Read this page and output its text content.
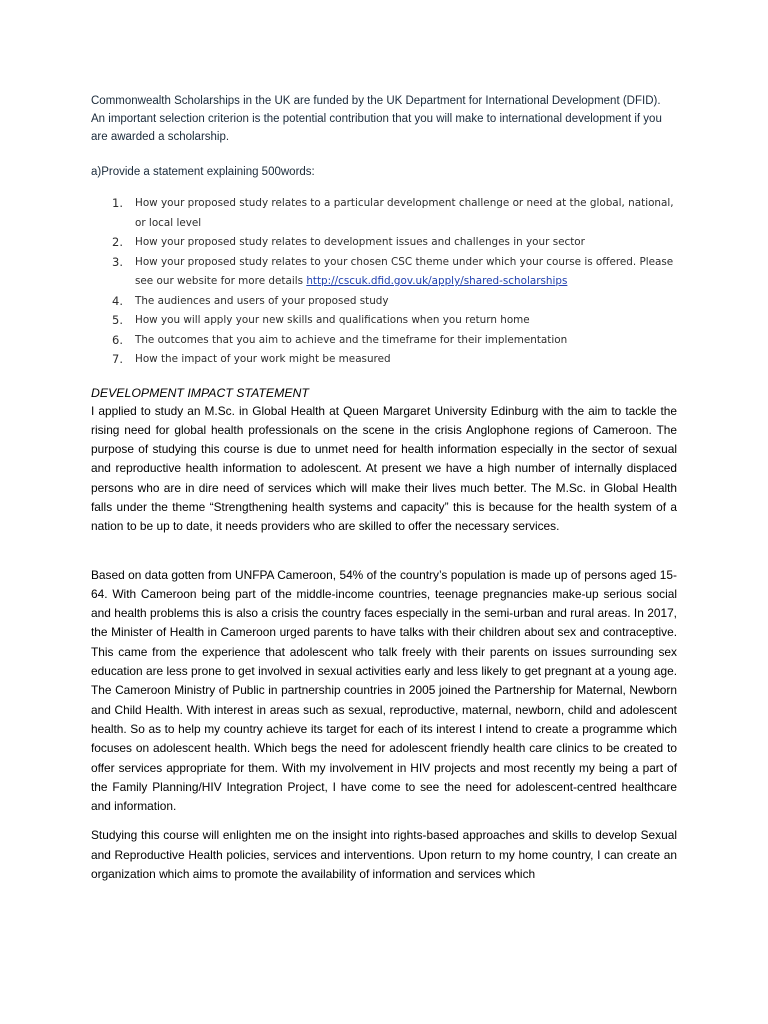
Commonwealth Scholarships in the UK are funded by the UK Department for International Development (DFID). An important selection criterion is the potential contribution that you will make to international development if you are awarded a scholarship.

a)Provide a statement explaining 500words:

1. How your proposed study relates to a particular development challenge or need at the global, national, or local level
2. How your proposed study relates to development issues and challenges in your sector
3. How your proposed study relates to your chosen CSC theme under which your course is offered. Please see our website for more details http://cscuk.dfid.gov.uk/apply/shared-scholarships
4. The audiences and users of your proposed study
5. How you will apply your new skills and qualifications when you return home
6. The outcomes that you aim to achieve and the timeframe for their implementation
7. How the impact of your work might be measured

DEVELOPMENT IMPACT STATEMENT

I applied to study an M.Sc. in Global Health at Queen Margaret University Edinburg with the aim to tackle the rising need for global health professionals on the scene in the crisis Anglophone regions of Cameroon. The purpose of studying this course is due to unmet need for health information especially in the sector of sexual and reproductive health information to adolescent. At present we have a high number of internally displaced persons who are in dire need of services which will make their lives much better. The M.Sc. in Global Health falls under the theme “Strengthening health systems and capacity” this is because for the health system of a nation to be up to date, it needs providers who are skilled to offer the necessary services.

Based on data gotten from UNFPA Cameroon, 54% of the country’s population is made up of persons aged 15-64. With Cameroon being part of the middle-income countries, teenage pregnancies make-up serious social and health problems this is also a crisis the country faces especially in the semi-urban and rural areas. In 2017, the Minister of Health in Cameroon urged parents to have talks with their children about sex and contraceptive. This came from the experience that adolescent who talk freely with their parents on issues surrounding sex education are less prone to get involved in sexual activities early and less likely to get pregnant at a young age. The Cameroon Ministry of Public in partnership countries in 2005 joined the Partnership for Maternal, Newborn and Child Health. With interest in areas such as sexual, reproductive, maternal, newborn, child and adolescent health. So as to help my country achieve its target for each of its interest I intend to create a programme which focuses on adolescent health. Which begs the need for adolescent friendly health care clinics to be created to offer services appropriate for them. With my involvement in HIV projects and most recently my being a part of the Family Planning/HIV Integration Project, I have come to see the need for adolescent-centred healthcare and information.

Studying this course will enlighten me on the insight into rights-based approaches and skills to develop Sexual and Reproductive Health policies, services and interventions. Upon return to my home country, I can create an organization which aims to promote the availability of information and services which
